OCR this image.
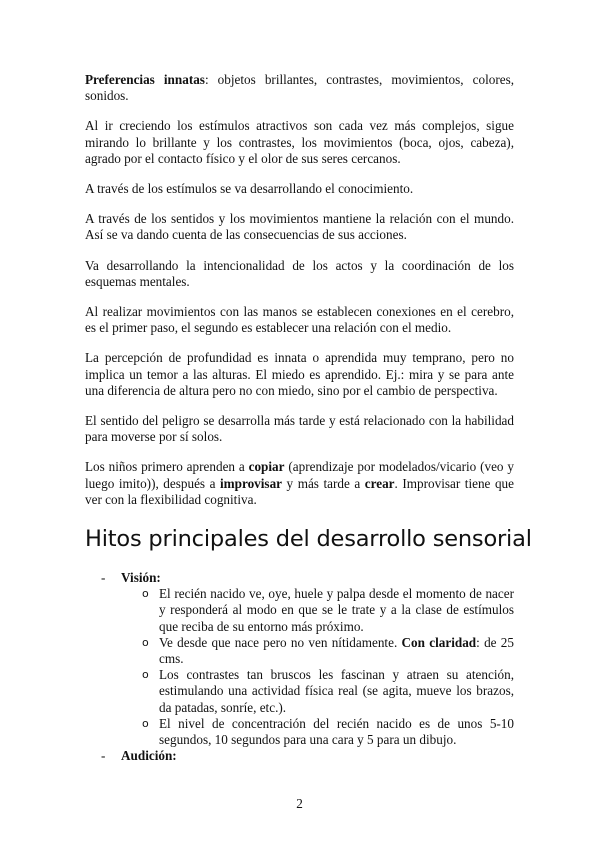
Preferencias innatas: objetos brillantes, contrastes, movimientos, colores, sonidos.

Al ir creciendo los estímulos atractivos son cada vez más complejos, sigue mirando lo brillante y los contrastes, los movimientos (boca, ojos, cabeza), agrado por el contacto físico y el olor de sus seres cercanos.

A través de los estímulos se va desarrollando el conocimiento.

A través de los sentidos y los movimientos mantiene la relación con el mundo. Así se va dando cuenta de las consecuencias de sus acciones.

Va desarrollando la intencionalidad de los actos y la coordinación de los esquemas mentales.

Al realizar movimientos con las manos se establecen conexiones en el cerebro, es el primer paso, el segundo es establecer una relación con el medio.

La percepción de profundidad es innata o aprendida muy temprano, pero no implica un temor a las alturas. El miedo es aprendido. Ej.: mira y se para ante una diferencia de altura pero no con miedo, sino por el cambio de perspectiva.

El sentido del peligro se desarrolla más tarde y está relacionado con la habilidad para moverse por sí solos.

Los niños primero aprenden a copiar (aprendizaje por modelados/vicario (veo y luego imito)), después a improvisar y más tarde a crear. Improvisar tiene que ver con la flexibilidad cognitiva.

Hitos principales del desarrollo sensorial
- Visión:
o El recién nacido ve, oye, huele y palpa desde el momento de nacer y responderá al modo en que se le trate y a la clase de estímulos que reciba de su entorno más próximo.
o Ve desde que nace pero no ven nítidamente. Con claridad: de 25 cms.
o Los contrastes tan bruscos les fascinan y atraen su atención, estimulando una actividad física real (se agita, mueve los brazos, da patadas, sonríe, etc.).
o El nivel de concentración del recién nacido es de unos 5-10 segundos, 10 segundos para una cara y 5 para un dibujo.
- Audición:
2
